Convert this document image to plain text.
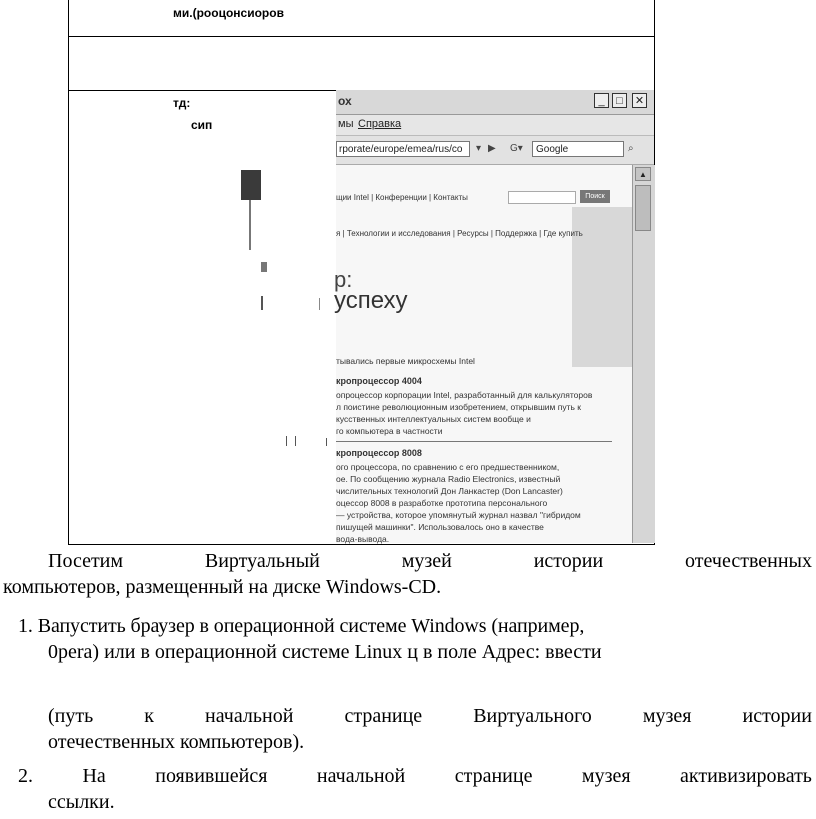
ми.(рооцонсиоров
тд:
сип
ох	_	□	✕
мы Справка
rporate/europe/emea/rus/co	▾ ▶ G▾	Google	⌕
щии Intel | Конференции | Контакты	Поиск
я | Технологии и исследования | Ресурсы | Поддержка | Где купить
р:
успеху
тывались первые микросхемы Intel
кропроцессор 4004
опроцессор корпорации Intel, разработанный для калькуляторов
л поистине революционным изобретением, открывшим путь к
кусственных интеллектуальных систем вообще и
го компьютера в частности
кропроцессор 8008
ого процессора, по сравнению с его предшественником,
ое. По сообщению журнала Radio Electronics, известный
числительных технологий Дон Ланкастер (Don Lancaster)
оцессор 8008 в разработке прототипа персонального
— устройства, которое упомянутый журнал назвал "гибридом
пишущей машинки". Использовалось оно в качестве
вода-вывода.
▲
Посетим	Виртуальный	музей	истории	отечественных
компьютеров, размещенный на диске Windows-CD.
1. Вапустить браузер в операционной системе Windows (например,
0pera) или в операционной системе Linux ц в поле Адрес: ввести
(путь	к	начальной	странице	Виртуального	музея	истории
отечественных компьютеров).
2. На появившейся начальной странице музея активизировать
ссылки.
